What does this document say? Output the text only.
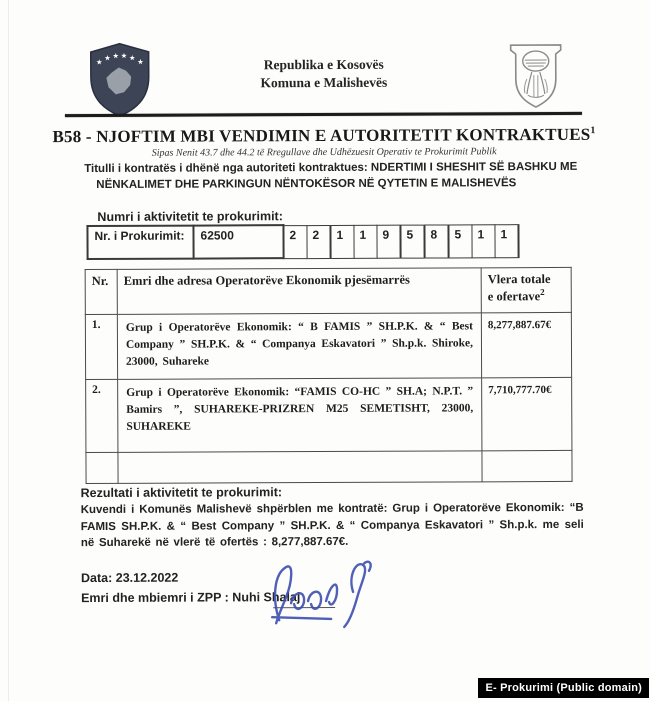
★ ★ ★ ★ ★ ★	Republika e Kosovës
Komuna e Malishevës
B58 - NJOFTIM MBI VENDIMIN E AUTORITETIT KONTRAKTUES$^1$
Sipas Nenit 43.7 dhe 44.2 të Rregullave dhe Udhëzuesit Operativ te Prokurimit Publik
Titulli i kontratës i dhënë nga autoriteti kontraktues: NDERTIMI I SHESHIT SË BASHKU ME
NËNKALIMET DHE PARKINGUN NËNTOKËSOR NË QYTETIN E MALISHEVËS
Numri i aktivitetit te prokurimit:
Nr. i Prokurimit:	62500	2	2	1	1	9	5	8	5	1	1
Nr.	Emri dhe adresa Operatorëve Ekonomik pjesëmarrës	Vlera totale
e ofertave$^2$
1.	Grup i Operatorëve Ekonomik: “ B FAMIS ” SH.P.K. & “ Best Company ” SH.P.K. & “ Companya Eskavatori ” Sh.p.k. Shiroke, 23000, Suhareke	8,277,887.67€
2.	Grup i Operatorëve Ekonomik: “FAMIS CO-HC ” SH.A; N.P.T. ” Bamirs ”, SUHAREKE-PRIZREN M25 SEMETISHT, 23000, SUHAREKE	7,710,777.70€

Rezultati i aktivitetit te prokurimit:
Kuvendi i Komunës Malishevë shpërblen me kontratë: Grup i Operatorëve Ekonomik: “B FAMIS SH.P.K. & “ Best Company ” SH.P.K. & “ Companya Eskavatori ” Sh.p.k. me seli në Suharekë në vlerë të ofertës : 8,277,887.67€.
Data: 23.12.2022
Emri dhe mbiemri i ZPP : Nuhi Shalaj
E- Prokurimi (Public domain)
